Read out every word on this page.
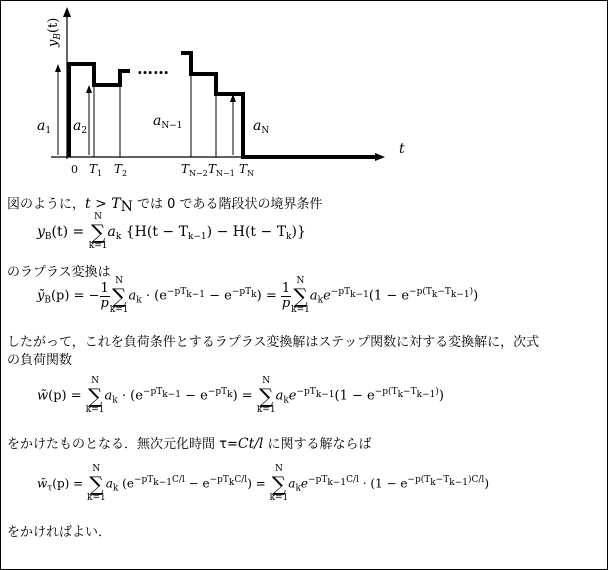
……
$y_B(t)$
t
0
$a_1$ $a_2$
$a_{N-1}$	$a_N$
$T_1$ $T_2$	$T_{N-2}$ $T_{N-1}$ $T_N$
図のように，$t > T_N$ では 0 である階段状の境界条件
$y_B(t)$ =
N
∑
k=1
$a_k$ $\{H(t - T_{k-1}) - H(t - T_k)\}$
のラプラス変換は
ỹ$_B$(p) = − $\frac{1}{p}$
N
∑
k=1
$a_k \cdot (e^{-pT_{k-1}} - e^{-pT_k}) = \frac{1}{p}$
N
∑
k=1
$a_ke^{-pT_{k-1}}(1 - e^{-p(T_k-T_{k-1})})$
したがって，これを負荷条件とするラプラス変換解はステップ関数に対する変換解に，次式
の負荷関数
w̃(p) =
N
∑
k=1
$a_k \cdot (e^{-pT_{k-1}} - e^{-pT_k})$ =
N
∑
k=1
$a_ke^{-pT_{k-1}}(1 - e^{-p(T_k-T_{k-1})})$
をかけたものとなる．無次元化時間 τ=Ct/l に関する解ならば
$w̃_\tau(p)$ =
N
∑
k=1
$a_k$ $(e^{-pT_{k-1}C/l} - e^{-pT_kC/l})$ =
N
∑
k=1
$a_ke^{-pT_{k-1}C/l} \cdot (1 - e^{-p(T_k-T_{k-1})C/l})$
をかければよい．
